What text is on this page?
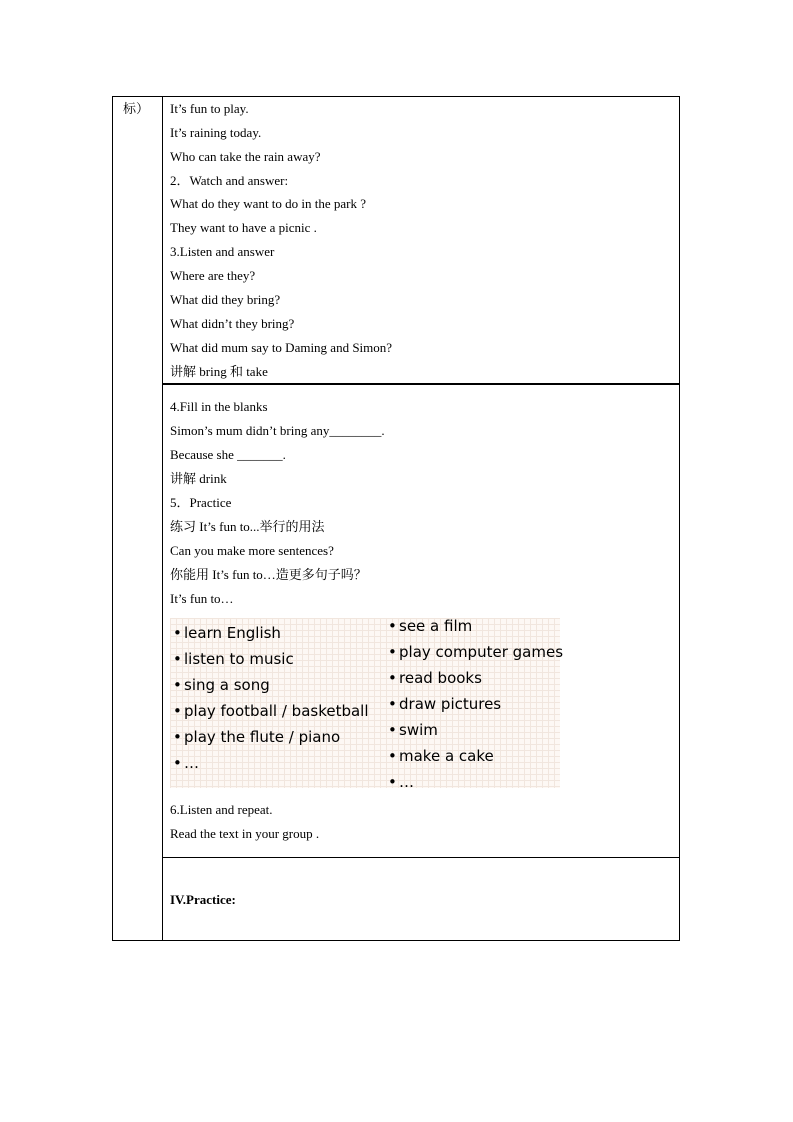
标） It’s fun to play.
It’s raining today.
Who can take the rain away?
2．Watch and answer:
What do they want to do in the park ?
They want to have a picnic .
3.Listen and answer
Where are they?
What did they bring?
What didn’t they bring?
What did mum say to Daming and Simon?
讲解 bring 和 take
4.Fill in the blanks
Simon’s mum didn’t bring any________.
Because she _______.
讲解 drink
5．Practice
练习 It’s fun to...举行的用法
Can you make more sentences?
你能用 It’s fun to…造更多句子吗？
It’s fun to…
• learn English
• listen to music
• sing a song
• play football / basketball
• play the flute / piano
• …
• see a film
• play computer games
• read books
• draw pictures
• swim
• make a cake
• …
6.Listen and repeat.
Read the text in your group .
IV.Practice:
